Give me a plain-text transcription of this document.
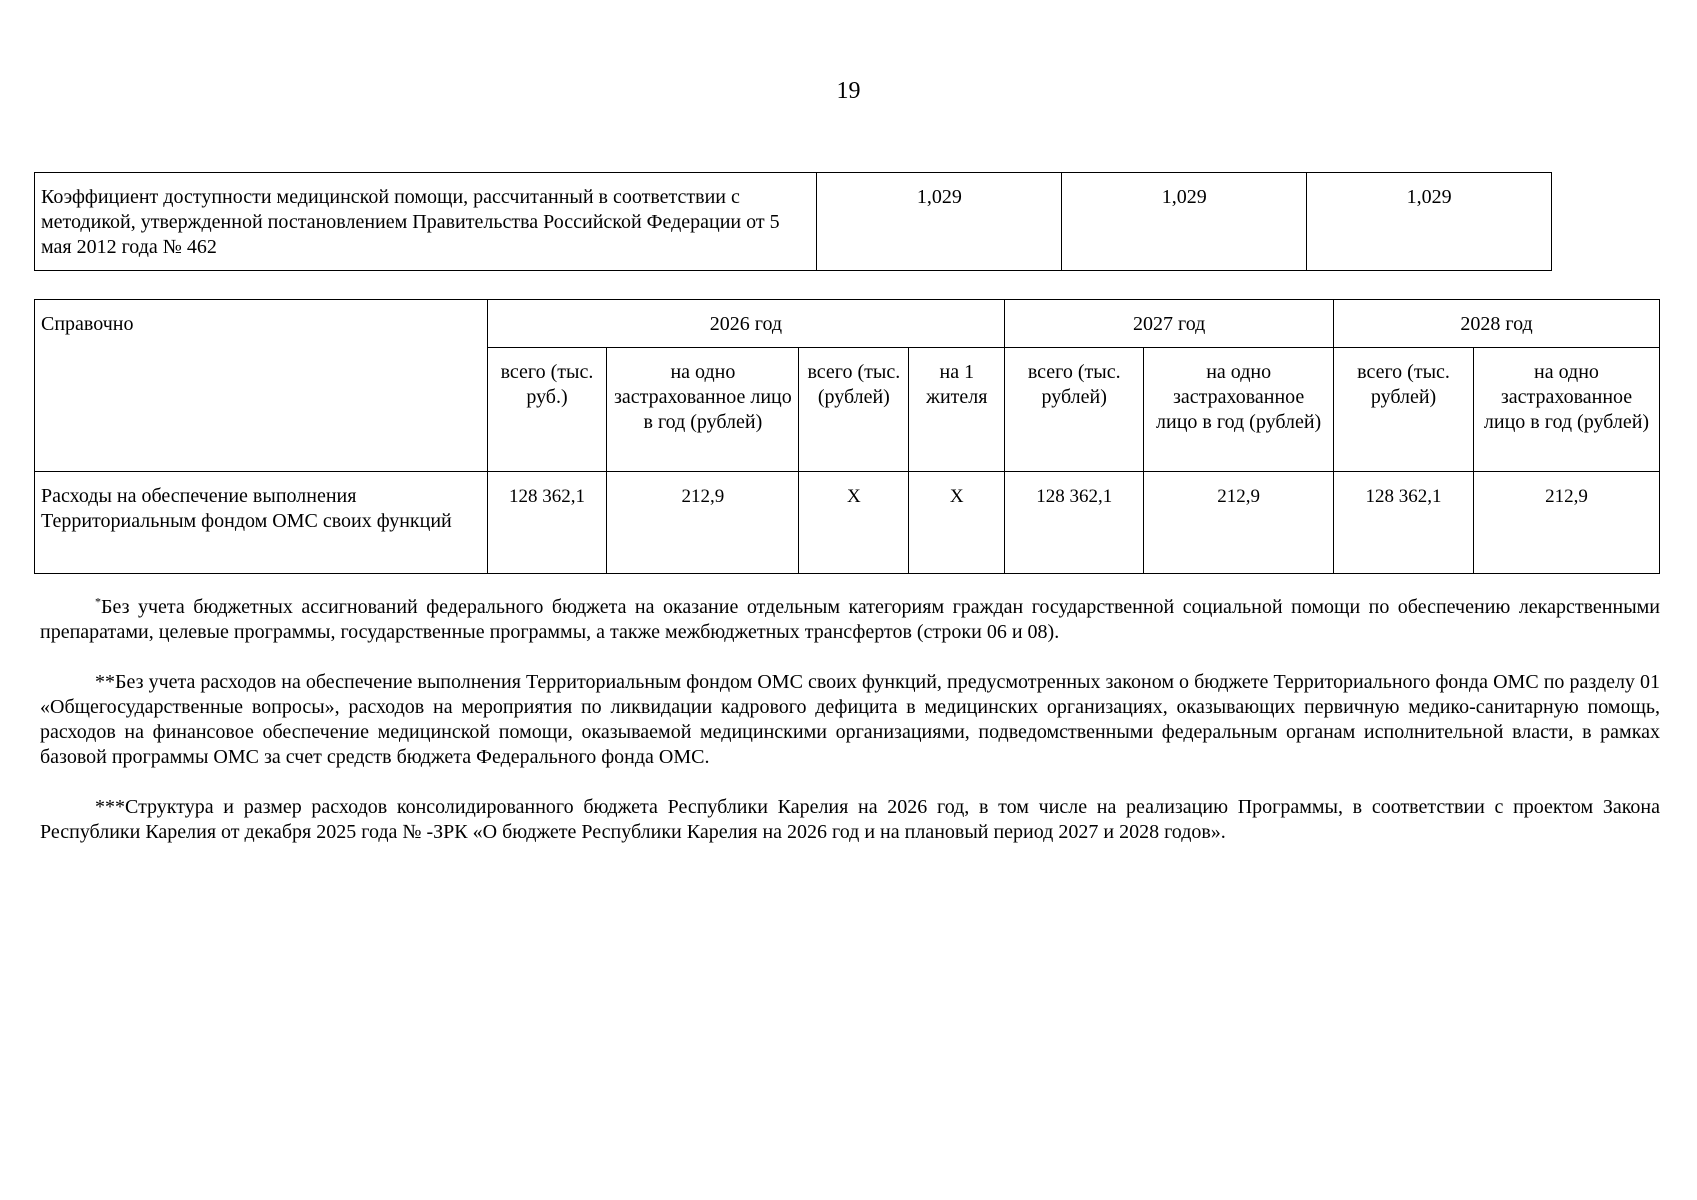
19
Коэффициент доступности медицинской помощи, рассчитанный в соответствии с методикой, утвержденной постановлением Правительства Российской Федерации от 5 мая 2012 года № 462	1,029	1,029	1,029
Справочно	2026 год				2027 год		2028 год	
	всего (тыс. руб.)	на одно застрахованное лицо в год (рублей)	всего (тыс. (рублей)	на 1 жителя	всего (тыс. рублей)	на одно застрахованное лицо в год (рублей)	всего (тыс. рублей)	на одно застрахованное лицо в год (рублей)
Расходы на обеспечение выполнения Территориальным фондом ОМС своих функций	128 362,1	212,9	Х	Х	128 362,1	212,9	128 362,1	212,9

*Без учета бюджетных ассигнований федерального бюджета на оказание отдельным категориям граждан государственной социальной помощи по обеспечению лекарственными препаратами, целевые программы, государственные программы, а также межбюджетных трансфертов (строки 06 и 08).

**Без учета расходов на обеспечение выполнения Территориальным фондом ОМС своих функций, предусмотренных законом о бюджете Территориального фонда ОМС по разделу 01 «Общегосударственные вопросы», расходов на мероприятия по ликвидации кадрового дефицита в медицинских организациях, оказывающих первичную медико-санитарную помощь, расходов на финансовое обеспечение медицинской помощи, оказываемой медицинскими организациями, подведомственными федеральным органам исполнительной власти, в рамках базовой программы ОМС за счет средств бюджета Федерального фонда ОМС.

***Структура и размер расходов консолидированного бюджета Республики Карелия на 2026 год, в том числе на реализацию Программы, в соответствии с проектом Закона Республики Карелия от декабря 2025 года № -ЗРК «О бюджете Республики Карелия на 2026 год и на плановый период 2027 и 2028 годов».
